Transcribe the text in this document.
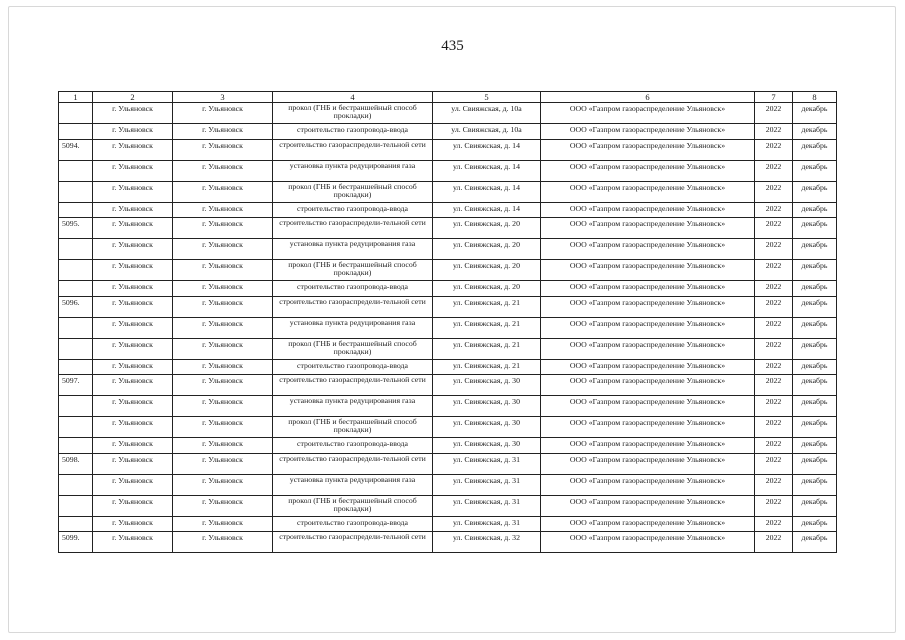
435
1	2	3	4	5	6	7	8
	г. Ульяновск	г. Ульяновск	прокол (ГНБ и бестраншейный способ прокладки)	ул. Свияжская, д. 10а	ООО «Газпром газораспределение Ульяновск»	2022	декабрь
	г. Ульяновск	г. Ульяновск	строительство газопровода-ввода	ул. Свияжская, д. 10а	ООО «Газпром газораспределение Ульяновск»	2022	декабрь
5094.	г. Ульяновск	г. Ульяновск	строительство газораспредели-тельной сети	ул. Свияжская, д. 14	ООО «Газпром газораспределение Ульяновск»	2022	декабрь
	г. Ульяновск	г. Ульяновск	установка пункта редуцирования газа	ул. Свияжская, д. 14	ООО «Газпром газораспределение Ульяновск»	2022	декабрь
	г. Ульяновск	г. Ульяновск	прокол (ГНБ и бестраншейный способ прокладки)	ул. Свияжская, д. 14	ООО «Газпром газораспределение Ульяновск»	2022	декабрь
	г. Ульяновск	г. Ульяновск	строительство газопровода-ввода	ул. Свияжская, д. 14	ООО «Газпром газораспределение Ульяновск»	2022	декабрь
5095.	г. Ульяновск	г. Ульяновск	строительство газораспредели-тельной сети	ул. Свияжская, д. 20	ООО «Газпром газораспределение Ульяновск»	2022	декабрь
	г. Ульяновск	г. Ульяновск	установка пункта редуцирования газа	ул. Свияжская, д. 20	ООО «Газпром газораспределение Ульяновск»	2022	декабрь
	г. Ульяновск	г. Ульяновск	прокол (ГНБ и бестраншейный способ прокладки)	ул. Свияжская, д. 20	ООО «Газпром газораспределение Ульяновск»	2022	декабрь
	г. Ульяновск	г. Ульяновск	строительство газопровода-ввода	ул. Свияжская, д. 20	ООО «Газпром газораспределение Ульяновск»	2022	декабрь
5096.	г. Ульяновск	г. Ульяновск	строительство газораспредели-тельной сети	ул. Свияжская, д. 21	ООО «Газпром газораспределение Ульяновск»	2022	декабрь
	г. Ульяновск	г. Ульяновск	установка пункта редуцирования газа	ул. Свияжская, д. 21	ООО «Газпром газораспределение Ульяновск»	2022	декабрь
	г. Ульяновск	г. Ульяновск	прокол (ГНБ и бестраншейный способ прокладки)	ул. Свияжская, д. 21	ООО «Газпром газораспределение Ульяновск»	2022	декабрь
	г. Ульяновск	г. Ульяновск	строительство газопровода-ввода	ул. Свияжская, д. 21	ООО «Газпром газораспределение Ульяновск»	2022	декабрь
5097.	г. Ульяновск	г. Ульяновск	строительство газораспредели-тельной сети	ул. Свияжская, д. 30	ООО «Газпром газораспределение Ульяновск»	2022	декабрь
	г. Ульяновск	г. Ульяновск	установка пункта редуцирования газа	ул. Свияжская, д. 30	ООО «Газпром газораспределение Ульяновск»	2022	декабрь
	г. Ульяновск	г. Ульяновск	прокол (ГНБ и бестраншейный способ прокладки)	ул. Свияжская, д. 30	ООО «Газпром газораспределение Ульяновск»	2022	декабрь
	г. Ульяновск	г. Ульяновск	строительство газопровода-ввода	ул. Свияжская, д. 30	ООО «Газпром газораспределение Ульяновск»	2022	декабрь
5098.	г. Ульяновск	г. Ульяновск	строительство газораспредели-тельной сети	ул. Свияжская, д. 31	ООО «Газпром газораспределение Ульяновск»	2022	декабрь
	г. Ульяновск	г. Ульяновск	установка пункта редуцирования газа	ул. Свияжская, д. 31	ООО «Газпром газораспределение Ульяновск»	2022	декабрь
	г. Ульяновск	г. Ульяновск	прокол (ГНБ и бестраншейный способ прокладки)	ул. Свияжская, д. 31	ООО «Газпром газораспределение Ульяновск»	2022	декабрь
	г. Ульяновск	г. Ульяновск	строительство газопровода-ввода	ул. Свияжская, д. 31	ООО «Газпром газораспределение Ульяновск»	2022	декабрь
5099.	г. Ульяновск	г. Ульяновск	строительство газораспредели-тельной сети	ул. Свияжская, д. 32	ООО «Газпром газораспределение Ульяновск»	2022	декабрь
